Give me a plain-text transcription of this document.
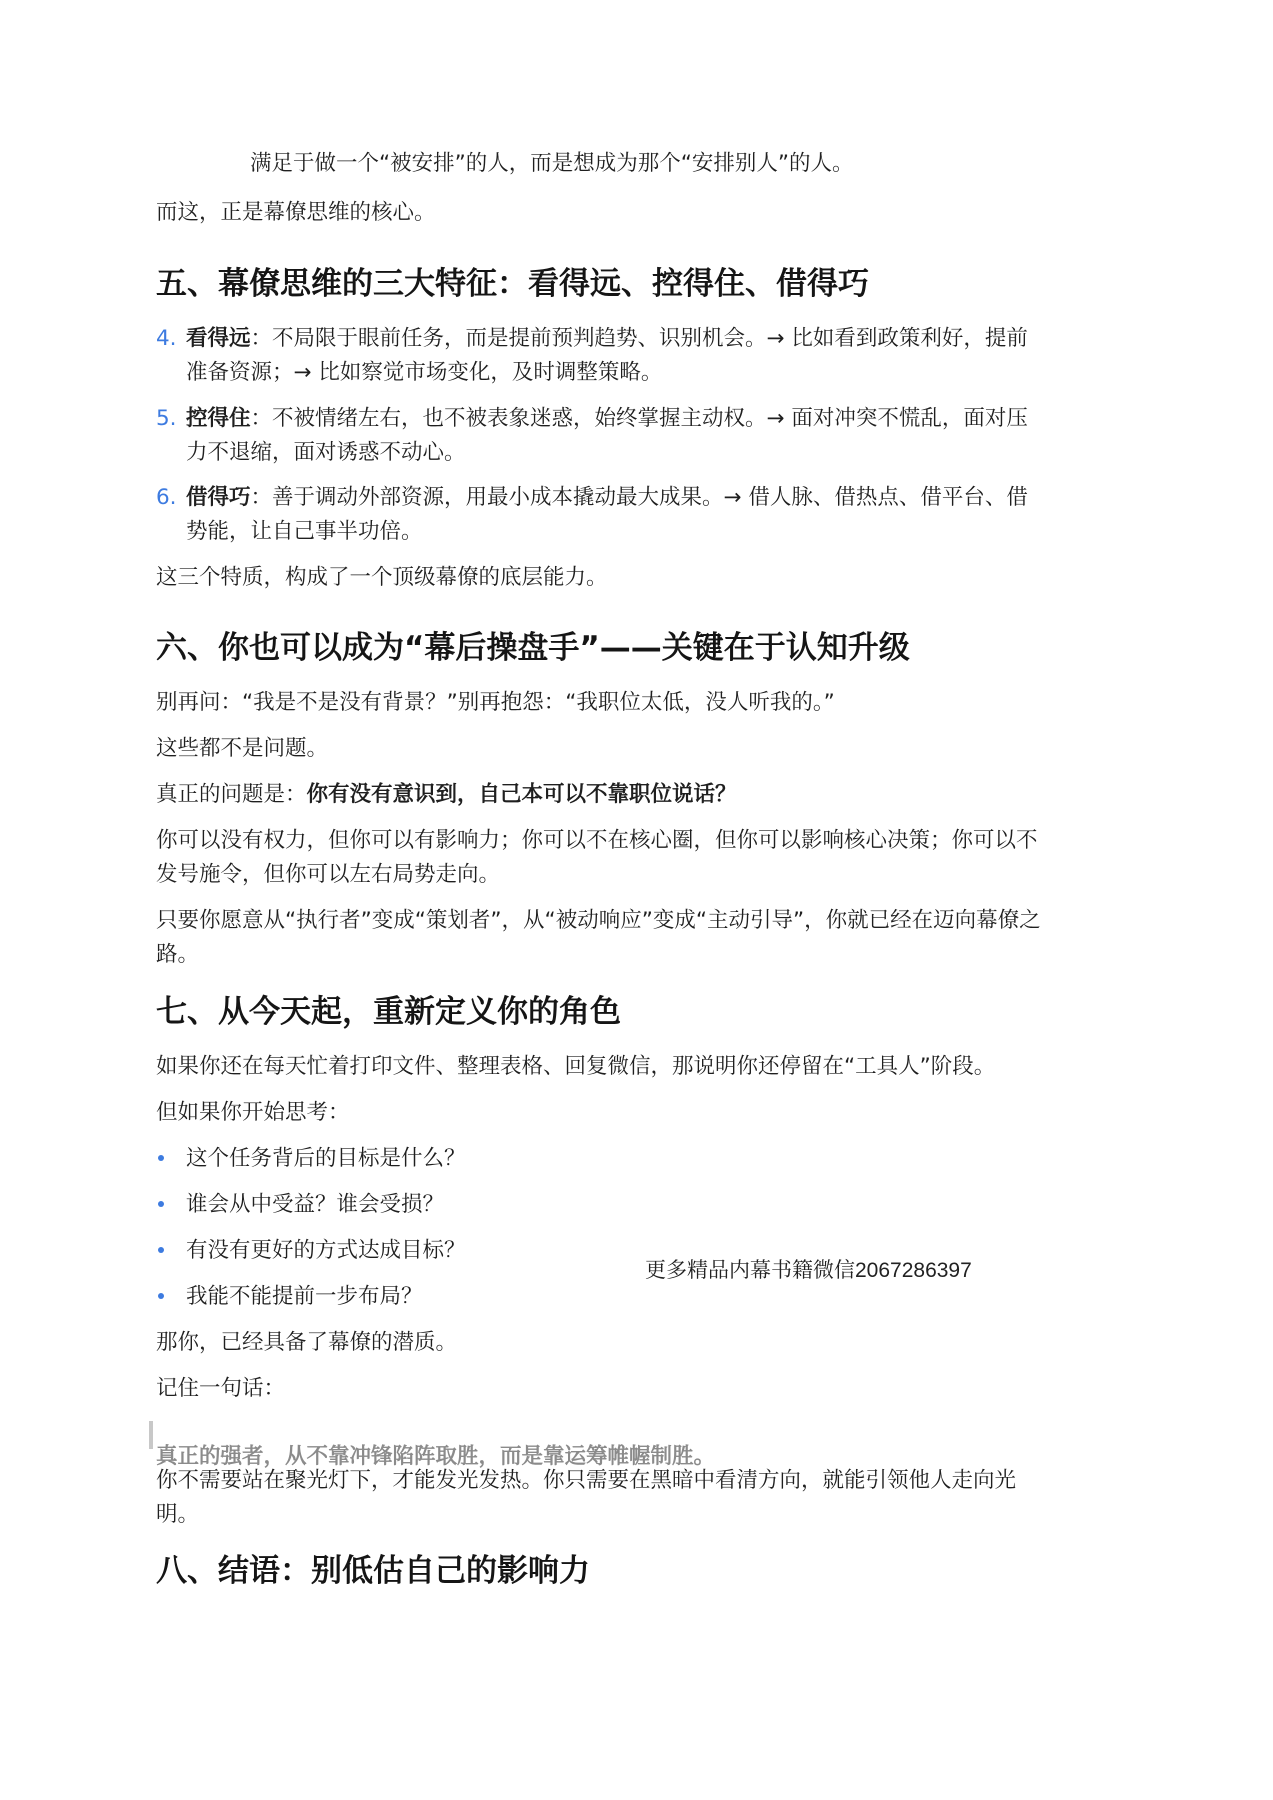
满足于做一个“被安排”的人，而是想成为那个“安排别人”的人。

而这，正是幕僚思维的核心。

五、幕僚思维的三大特征：看得远、控得住、借得巧
4. 看得远：不局限于眼前任务，而是提前预判趋势、识别机会。→ 比如看到政策利好，提前
准备资源；→ 比如察觉市场变化，及时调整策略。
5. 控得住：不被情绪左右，也不被表象迷惑，始终掌握主动权。→ 面对冲突不慌乱，面对压
力不退缩，面对诱惑不动心。
6. 借得巧：善于调动外部资源，用最小成本撬动最大成果。→ 借人脉、借热点、借平台、借
势能，让自己事半功倍。

这三个特质，构成了一个顶级幕僚的底层能力。

六、你也可以成为“幕后操盘手”——关键在于认知升级

别再问：“我是不是没有背景？”别再抱怨：“我职位太低，没人听我的。”

这些都不是问题。

真正的问题是：你有没有意识到，自己本可以不靠职位说话？

你可以没有权力，但你可以有影响力；你可以不在核心圈，但你可以影响核心决策；你可以不

发号施令，但你可以左右局势走向。

只要你愿意从“执行者”变成“策划者”，从“被动响应”变成“主动引导”，你就已经在迈向幕僚之

路。

七、从今天起，重新定义你的角色

如果你还在每天忙着打印文件、整理表格、回复微信，那说明你还停留在“工具人”阶段。

但如果你开始思考：

这个任务背后的目标是什么？
谁会从中受益？谁会受损？
有没有更好的方式达成目标？
我能不能提前一步布局？

那你，已经具备了幕僚的潜质。

记住一句话：

真正的强者，从不靠冲锋陷阵取胜，而是靠运筹帷幄制胜。

你不需要站在聚光灯下，才能发光发热。你只需要在黑暗中看清方向，就能引领他人走向光

明。

八、结语：别低估自己的影响力
更多精品内幕书籍微信2067286397
